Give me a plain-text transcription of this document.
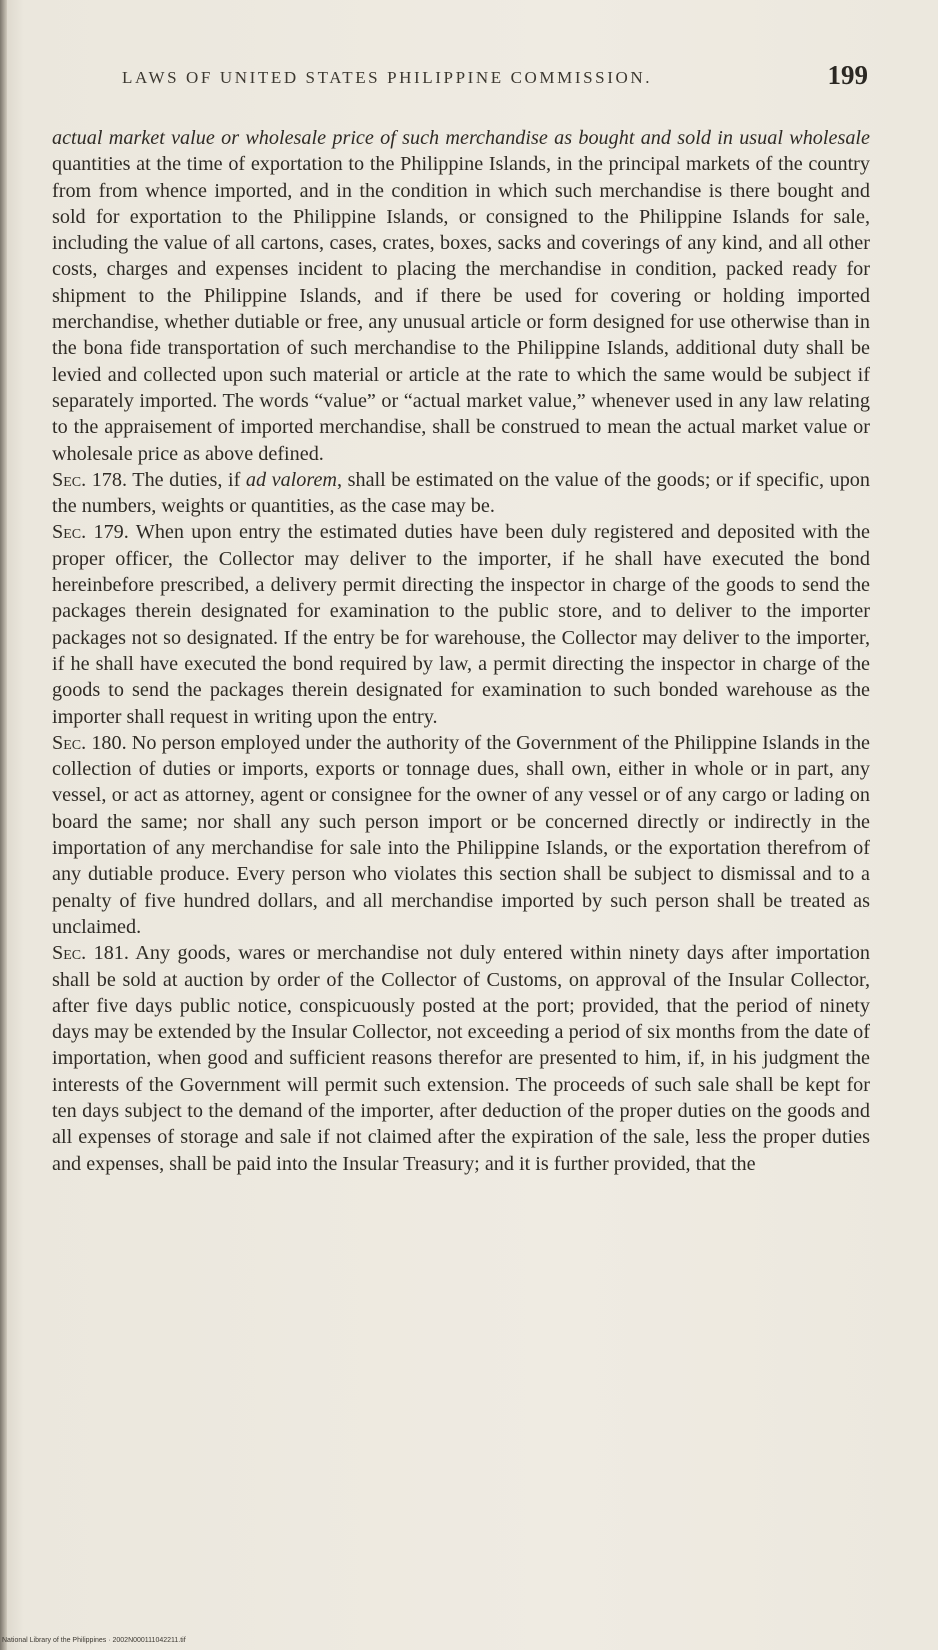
LAWS OF UNITED STATES PHILIPPINE COMMISSION.	199

actual market value or wholesale price of such merchandise as bought and sold in usual wholesale quantities at the time of exportation to the Philippine Islands, in the principal markets of the country from from whence imported, and in the condition in which such merchandise is there bought and sold for exportation to the Philippine Islands, or consigned to the Philippine Islands for sale, including the value of all cartons, cases, crates, boxes, sacks and coverings of any kind, and all other costs, charges and expenses incident to placing the merchandise in condition, packed ready for shipment to the Philippine Islands, and if there be used for covering or holding imported merchandise, whether dutiable or free, any unusual article or form designed for use otherwise than in the bona fide transportation of such merchandise to the Philippine Islands, additional duty shall be levied and collected upon such material or article at the rate to which the same would be subject if separately imported. The words “value” or “actual market value,” whenever used in any law relating to the appraisement of imported merchandise, shall be construed to mean the actual market value or wholesale price as above defined.

Sec. 178. The duties, if ad valorem, shall be estimated on the value of the goods; or if specific, upon the numbers, weights or quantities, as the case may be.

Sec. 179. When upon entry the estimated duties have been duly registered and deposited with the proper officer, the Collector may deliver to the importer, if he shall have executed the bond hereinbefore prescribed, a delivery permit directing the inspector in charge of the goods to send the packages therein designated for examination to the public store, and to deliver to the importer packages not so designated. If the entry be for warehouse, the Collector may deliver to the importer, if he shall have executed the bond required by law, a permit directing the inspector in charge of the goods to send the packages therein designated for examination to such bonded warehouse as the importer shall request in writing upon the entry.

Sec. 180. No person employed under the authority of the Government of the Philippine Islands in the collection of duties or imports, exports or tonnage dues, shall own, either in whole or in part, any vessel, or act as attorney, agent or consignee for the owner of any vessel or of any cargo or lading on board the same; nor shall any such person import or be concerned directly or indirectly in the importation of any merchandise for sale into the Philippine Islands, or the exportation therefrom of any dutiable produce. Every person who violates this section shall be subject to dismissal and to a penalty of five hundred dollars, and all merchandise imported by such person shall be treated as unclaimed.

Sec. 181. Any goods, wares or merchandise not duly entered within ninety days after importation shall be sold at auction by order of the Collector of Customs, on approval of the Insular Collector, after five days public notice, conspicuously posted at the port; provided, that the period of ninety days may be extended by the Insular Collector, not exceeding a period of six months from the date of importation, when good and sufficient reasons therefor are presented to him, if, in his judgment the interests of the Government will permit such extension. The proceeds of such sale shall be kept for ten days subject to the demand of the importer, after deduction of the proper duties on the goods and all expenses of storage and sale if not claimed after the expiration of the sale, less the proper duties and expenses, shall be paid into the Insular Treasury; and it is further provided, that the

National Library of the Philippines · 2002N000111042211.tif
